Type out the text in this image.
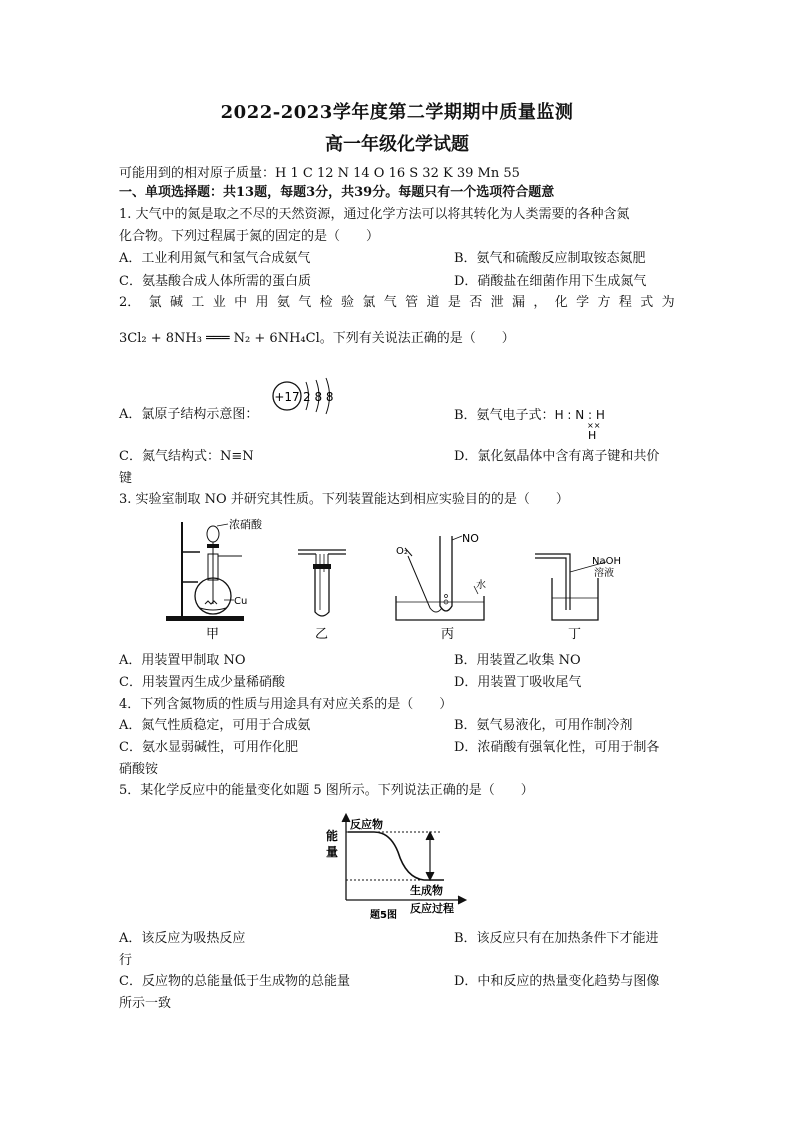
2022-2023学年度第二学期期中质量监测
高一年级化学试题
可能用到的相对原子质量：H 1 C 12 N 14 O 16 S 32 K 39 Mn 55
一、单项选择题：共13题，每题3分，共39分。每题只有一个选项符合题意
1. 大气中的氮是取之不尽的天然资源，通过化学方法可以将其转化为人类需要的各种含氮
化合物。下列过程属于氮的固定的是（　　）
A．工业利用氮气和氢气合成氨气	B．氨气和硫酸反应制取铵态氮肥
C．氨基酸合成人体所需的蛋白质	D．硝酸盐在细菌作用下生成氮气
2． 氯 碱 工 业 中 用 氨 气 检 验 氯 气 管 道 是 否 泄 漏 ， 化 学 方 程 式 为
3Cl₂ + 8NH₃ ═══ N₂ + 6NH₄Cl。下列有关说法正确的是（　　）
+17 2 8 8
A．氯原子结构示意图：	B．氨气电子式：H : N : H
××
H
C．氮气结构式：N≡N	D．氯化氨晶体中含有离子键和共价
键
3. 实验室制取 NO 并研究其性质。下列装置能达到相应实验目的的是（　　）
浓硝酸
Cu
甲	乙
O₂
NO
水
丙
NaOH
溶液
丁
A．用装置甲制取 NO	B．用装置乙收集 NO
C．用装置丙生成少量稀硝酸	D．用装置丁吸收尾气
4．下列含氮物质的性质与用途具有对应关系的是（　　）
A．氮气性质稳定，可用于合成氨	B．氨气易液化，可用作制冷剂
C．氨水显弱碱性，可用作化肥	D．浓硝酸有强氧化性，可用于制各
硝酸铵
5．某化学反应中的能量变化如题 5 图所示。下列说法正确的是（　　）
能
量
反应物
生成物
反应过程
题5图
A．该反应为吸热反应	B．该反应只有在加热条件下才能进
行
C．反应物的总能量低于生成物的总能量	D．中和反应的热量变化趋势与图像
所示一致
